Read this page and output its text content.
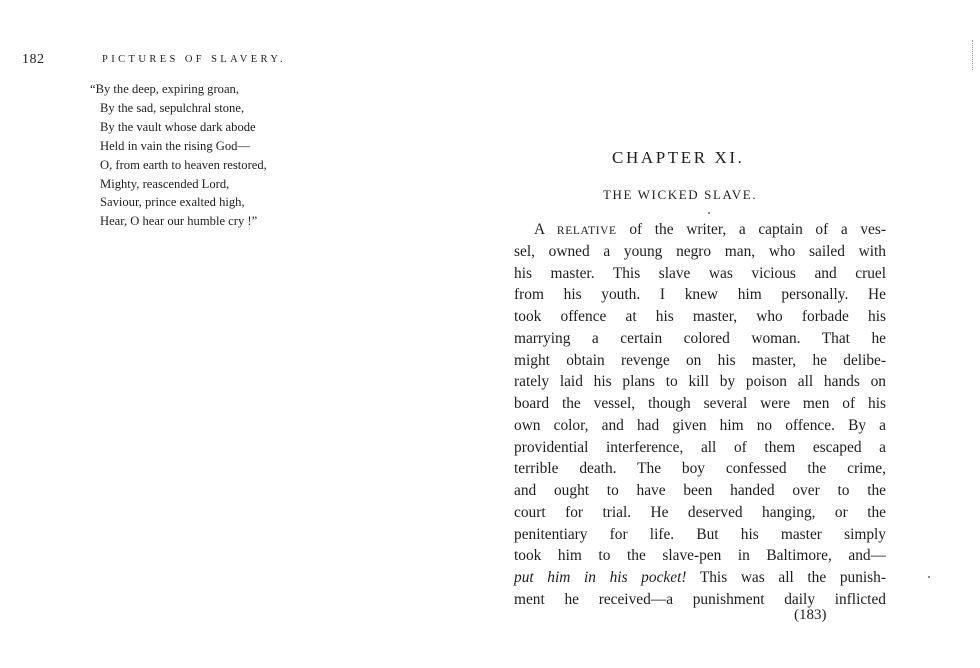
182	PICTURES OF SLAVERY.
“By the deep, expiring groan,
By the sad, sepulchral stone,
By the vault whose dark abode
Held in vain the rising God—
O, from earth to heaven restored,
Mighty, reascended Lord,
Saviour, prince exalted high,
Hear, O hear our humble cry !”
CHAPTER XI.
THE WICKED SLAVE.
A RELATIVE of the writer, a captain of a ves-
sel, owned a young negro man, who sailed with
his master. This slave was vicious and cruel
from his youth. I knew him personally. He
took offence at his master, who forbade his
marrying a certain colored woman. That he
might obtain revenge on his master, he delibe-
rately laid his plans to kill by poison all hands on
board the vessel, though several were men of his
own color, and had given him no offence. By a
providential interference, all of them escaped a
terrible death. The boy confessed the crime,
and ought to have been handed over to the
court for trial. He deserved hanging, or the
penitentiary for life. But his master simply
took him to the slave-pen in Baltimore, and—
put him in his pocket! This was all the punish-
ment he received—a punishment daily inflicted
(183)
